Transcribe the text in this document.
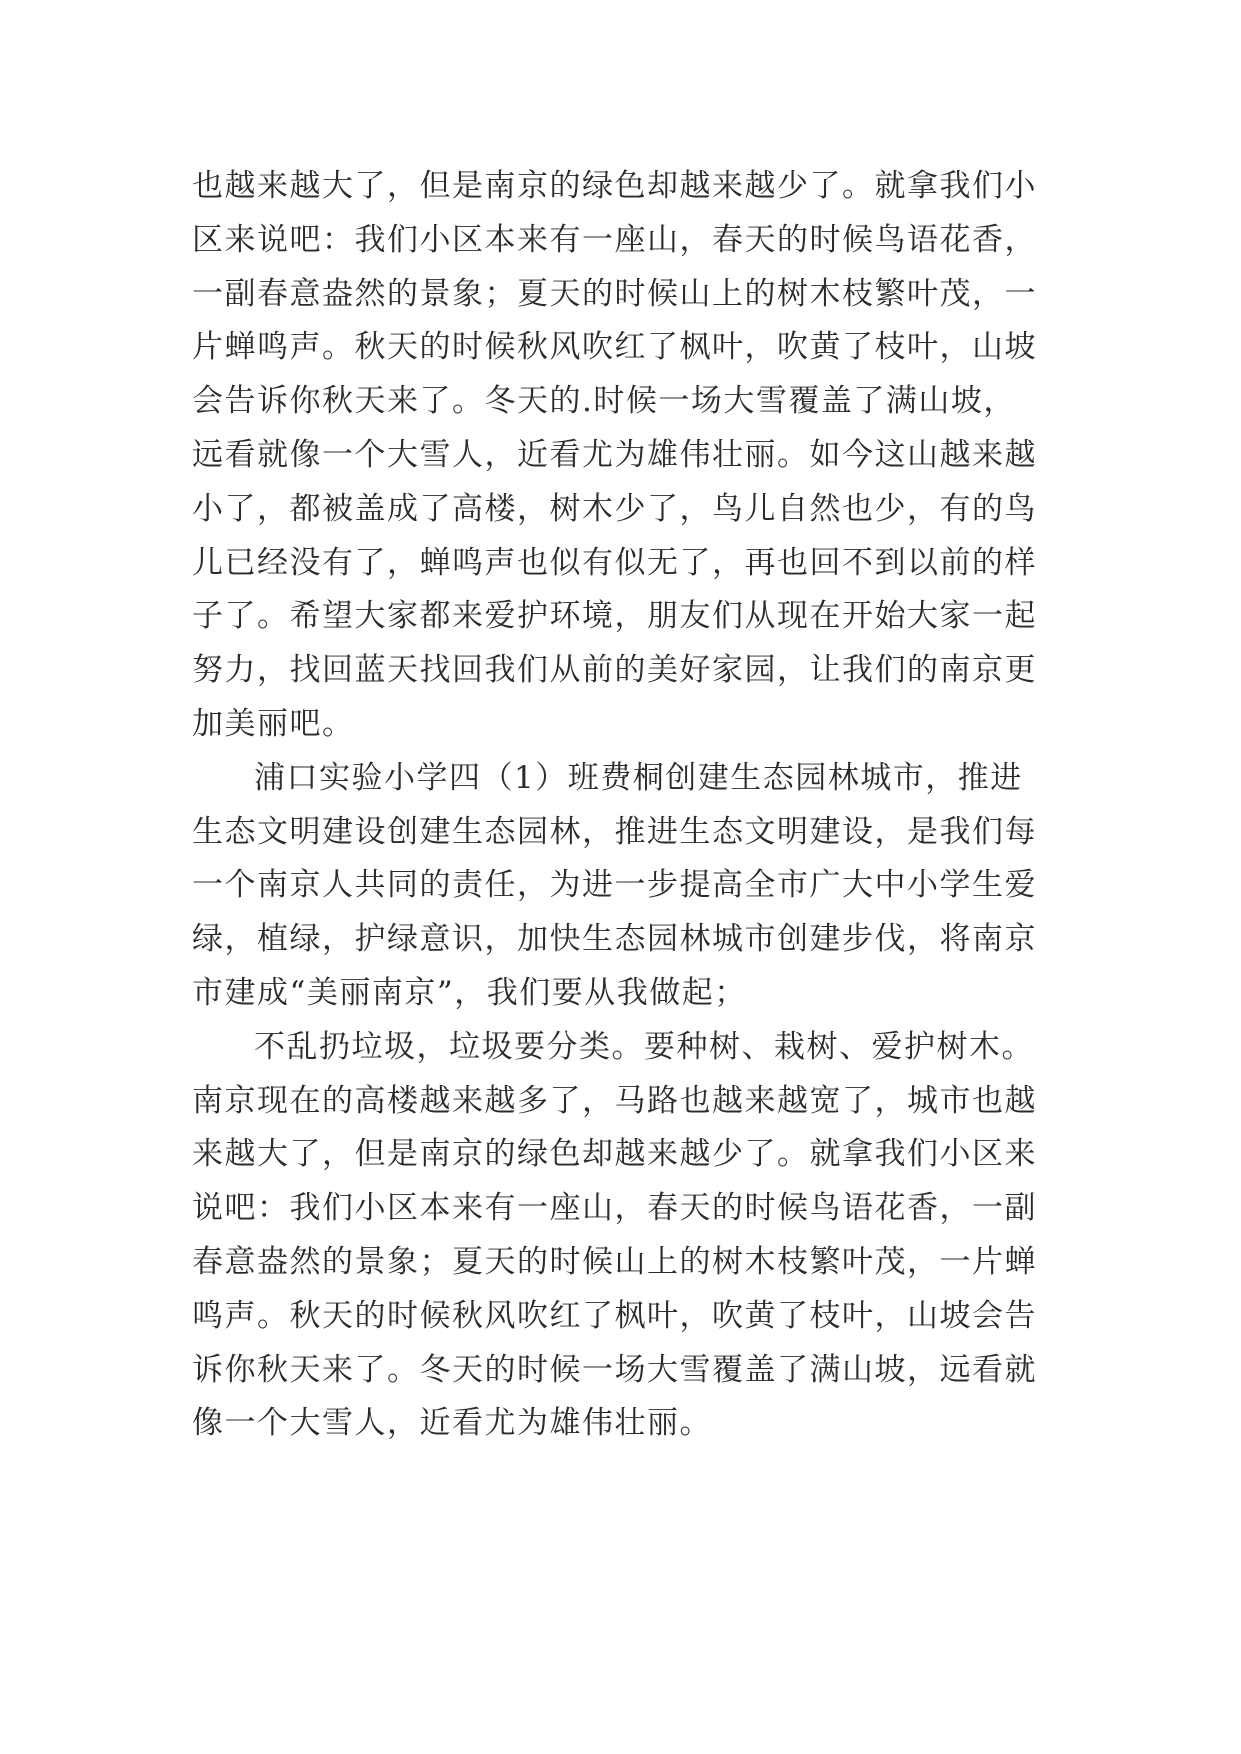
也越来越大了，但是南京的绿色却越来越少了。就拿我们小
区来说吧：我们小区本来有一座山，春天的时候鸟语花香，
一副春意盎然的景象；夏天的时候山上的树木枝繁叶茂，一
片蝉鸣声。秋天的时候秋风吹红了枫叶，吹黄了枝叶，山坡
会告诉你秋天来了。冬天的.时候一场大雪覆盖了满山坡，
远看就像一个大雪人，近看尤为雄伟壮丽。如今这山越来越
小了，都被盖成了高楼，树木少了，鸟儿自然也少，有的鸟
儿已经没有了，蝉鸣声也似有似无了，再也回不到以前的样
子了。希望大家都来爱护环境，朋友们从现在开始大家一起
努力，找回蓝天找回我们从前的美好家园，让我们的南京更
加美丽吧。
浦口实验小学四（1）班费桐创建生态园林城市，推进
生态文明建设创建生态园林，推进生态文明建设，是我们每
一个南京人共同的责任，为进一步提高全市广大中小学生爱
绿，植绿，护绿意识，加快生态园林城市创建步伐，将南京
市建成“美丽南京”，我们要从我做起；
不乱扔垃圾，垃圾要分类。要种树、栽树、爱护树木。
南京现在的高楼越来越多了，马路也越来越宽了，城市也越
来越大了，但是南京的绿色却越来越少了。就拿我们小区来
说吧：我们小区本来有一座山，春天的时候鸟语花香，一副
春意盎然的景象；夏天的时候山上的树木枝繁叶茂，一片蝉
鸣声。秋天的时候秋风吹红了枫叶，吹黄了枝叶，山坡会告
诉你秋天来了。冬天的时候一场大雪覆盖了满山坡，远看就
像一个大雪人，近看尤为雄伟壮丽。
